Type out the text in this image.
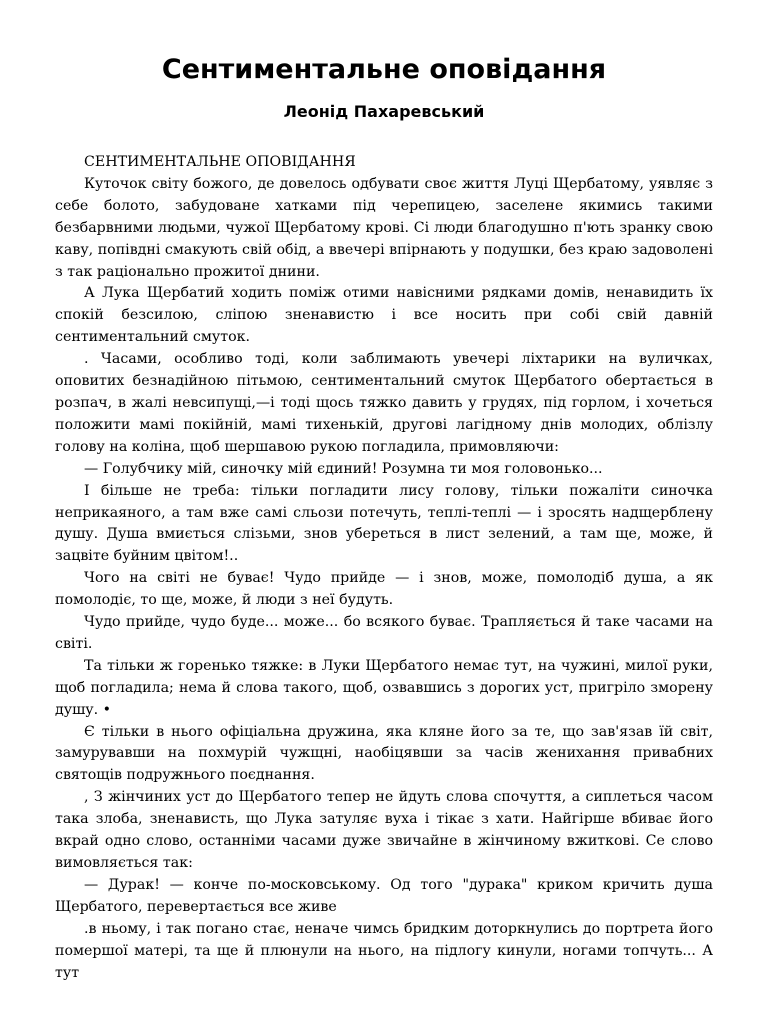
Сентиментальне оповідання
Леонід Пахаревський

СЕНТИМЕНТАЛЬНЕ ОПОВІДАННЯ

Куточок світу божого, де довелось одбувати своє життя Луці Щербатому, уявляє з себе болото, забудоване хатками під черепицею, заселене якимись такими безбарвними людьми, чужої Щербатому крові. Сі люди благодушно п'ють зранку свою каву, попівдні смакують свій обід, а ввечері впірнають у подушки, без краю задоволені з так раціонально прожитої днини.

А Лука Щербатий ходить поміж отими навісними рядками домів, ненавидить їх спокій безсилою, сліпою зненавистю і все носить при собі свій давній сентиментальний смуток.

. Часами, особливо тоді, коли заблимають увечері ліхтарики на вуличках, оповитих безнадійною пітьмою, сентиментальний смуток Щербатого обертається в розпач, в жалі невсипущі,—і тоді щось тяжко давить у грудях, під горлом, і хочеться положити мамі покійній, мамі тихенькій, другові лагідному днів молодих, облізлу голову на коліна, щоб шершавою рукою погладила, примовляючи:

— Голубчику мій, синочку мій єдиний! Розумна ти моя головонько...

І більше не треба: тільки погладити лису голову, тільки пожаліти синочка неприкаяного, а там вже самі сльози потечуть, теплі-теплі — і зросять надщерблену душу. Душа вмиється слізьми, знов убереться в лист зелений, а там ще, може, й зацвіте буйним цвітом!..

Чого на світі не буває! Чудо прийде — і знов, може, помолодіб душа, а як помолодіє, то ще, може, й люди з неї будуть.

Чудо прийде, чудо буде... може... бо всякого буває. Трапляється й таке часами на світі.

Та тільки ж горенько тяжке: в Луки Щербатого немає тут, на чужині, милої руки, щоб погладила; нема й слова такого, щоб, озвавшись з дорогих уст, пригріло зморену душу. •

Є тільки в нього офіціальна дружина, яка кляне його за те, що зав'язав їй світ, замурувавши на похмурій чужщні, наобіцявши за часів женихання привабних святощів подружнього поєднання.

, З жінчиних уст до Щербатого тепер не йдуть слова спочуття, а сиплеться часом така злоба, зненависть, що Лука затуляє вуха і тікає з хати. Найгірше вбиває його вкрай одно слово, останніми часами дуже звичайне в жінчиному вжиткові. Се слово вимовляється так:

— Дурак! — конче по-московському. Од того "дурака" криком кричить душа Щербатого, перевертається все живе

.в ньому, і так погано стає, неначе чимсь бридким доторкнулись до портрета його помершої матері, та ще й плюнули на нього, на підлогу кинули, ногами топчуть... А тут
